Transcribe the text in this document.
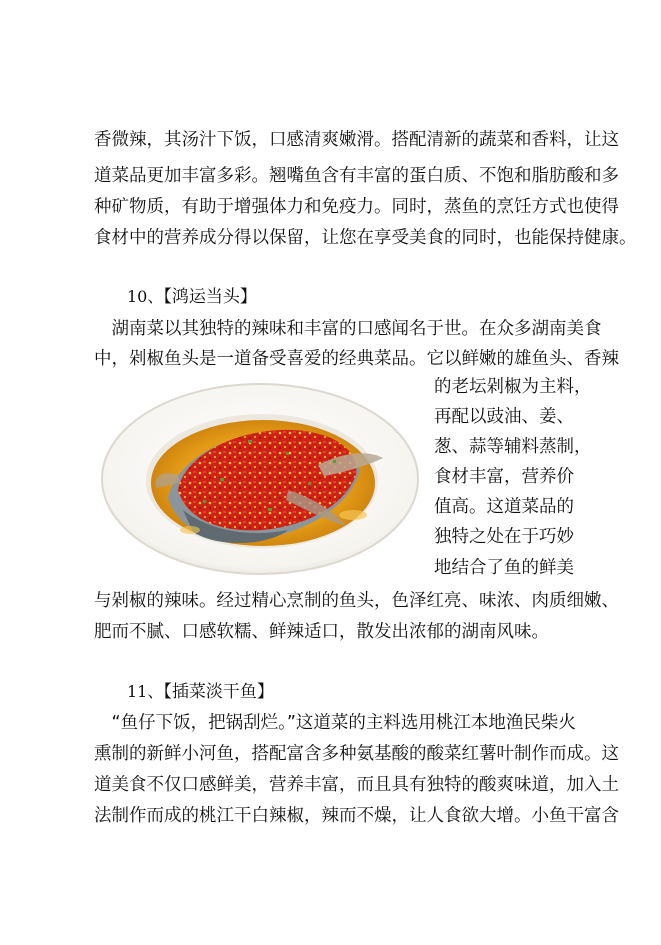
香微辣，其汤汁下饭，口感清爽嫩滑。搭配清新的蔬菜和香料，让这
道菜品更加丰富多彩。翘嘴鱼含有丰富的蛋白质、不饱和脂肪酸和多
种矿物质，有助于增强体力和免疫力。同时，蒸鱼的烹饪方式也使得
食材中的营养成分得以保留，让您在享受美食的同时，也能保持健康。
10、【鸿运当头】
　湖南菜以其独特的辣味和丰富的口感闻名于世。在众多湖南美食
中，剁椒鱼头是一道备受喜爱的经典菜品。它以鲜嫩的雄鱼头、香辣
的老坛剁椒为主料，
再配以豉油、姜、
葱、蒜等辅料蒸制，
食材丰富，营养价
值高。这道菜品的
独特之处在于巧妙
地结合了鱼的鲜美
与剁椒的辣味。经过精心烹制的鱼头，色泽红亮、味浓、肉质细嫩、
肥而不腻、口感软糯、鲜辣适口，散发出浓郁的湖南风味。
11、【插菜淡干鱼】
　“鱼仔下饭，把锅刮烂。”这道菜的主料选用桃江本地渔民柴火
熏制的新鲜小河鱼，搭配富含多种氨基酸的酸菜红薯叶制作而成。这
道美食不仅口感鲜美，营养丰富，而且具有独特的酸爽味道，加入土
法制作而成的桃江干白辣椒，辣而不燥，让人食欲大增。小鱼干富含
